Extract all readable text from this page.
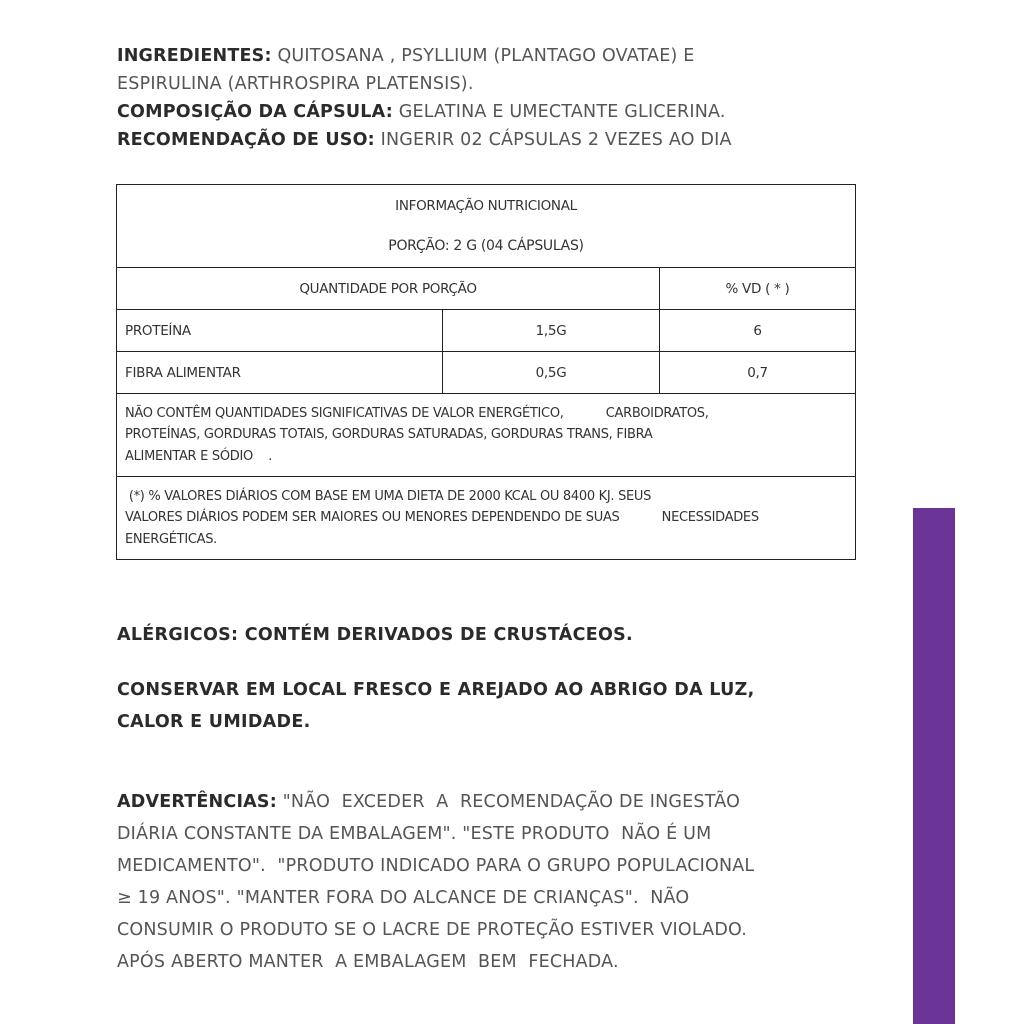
INGREDIENTES: QUITOSANA , PSYLLIUM (PLANTAGO OVATAE) E
ESPIRULINA (ARTHROSPIRA PLATENSIS).
COMPOSIÇÃO DA CÁPSULA: GELATINA E UMECTANTE GLICERINA.
RECOMENDAÇÃO DE USO: INGERIR 02 CÁPSULAS 2 VEZES AO DIA
INFORMAÇÃO NUTRICIONAL
PORÇÃO: 2 G (04 CÁPSULAS)		

QUANTIDADE POR PORÇÃO		% VD ( * )
PROTEÍNA	1,5G	6
FIBRA ALIMENTAR	0,5G	0,7

NÃO CONTÊM QUANTIDADES SIGNIFICATIVAS DE VALOR ENERGÉTICO,           CARBOIDRATOS,
PROTEÍNAS, GORDURAS TOTAIS, GORDURAS SATURADAS, GORDURAS TRANS, FIBRA
ALIMENTAR E SÓDIO    .		

(*) % VALORES DIÁRIOS COM BASE EM UMA DIETA DE 2000 KCAL OU 8400 KJ. SEUS
VALORES DIÁRIOS PODEM SER MAIORES OU MENORES DEPENDENDO DE SUAS           NECESSIDADES
ENERGÉTICAS.		
ALÉRGICOS: CONTÉM DERIVADOS DE CRUSTÁCEOS.
CONSERVAR EM LOCAL FRESCO E AREJADO AO ABRIGO DA LUZ,
CALOR E UMIDADE.
ADVERTÊNCIAS: "NÃO  EXCEDER  A  RECOMENDAÇÃO DE INGESTÃO
DIÁRIA CONSTANTE DA EMBALAGEM". "ESTE PRODUTO  NÃO É UM
MEDICAMENTO".  "PRODUTO INDICADO PARA O GRUPO POPULACIONAL
≥ 19 ANOS". "MANTER FORA DO ALCANCE DE CRIANÇAS".  NÃO
CONSUMIR O PRODUTO SE O LACRE DE PROTEÇÃO ESTIVER VIOLADO.
APÓS ABERTO MANTER  A EMBALAGEM  BEM  FECHADA.
